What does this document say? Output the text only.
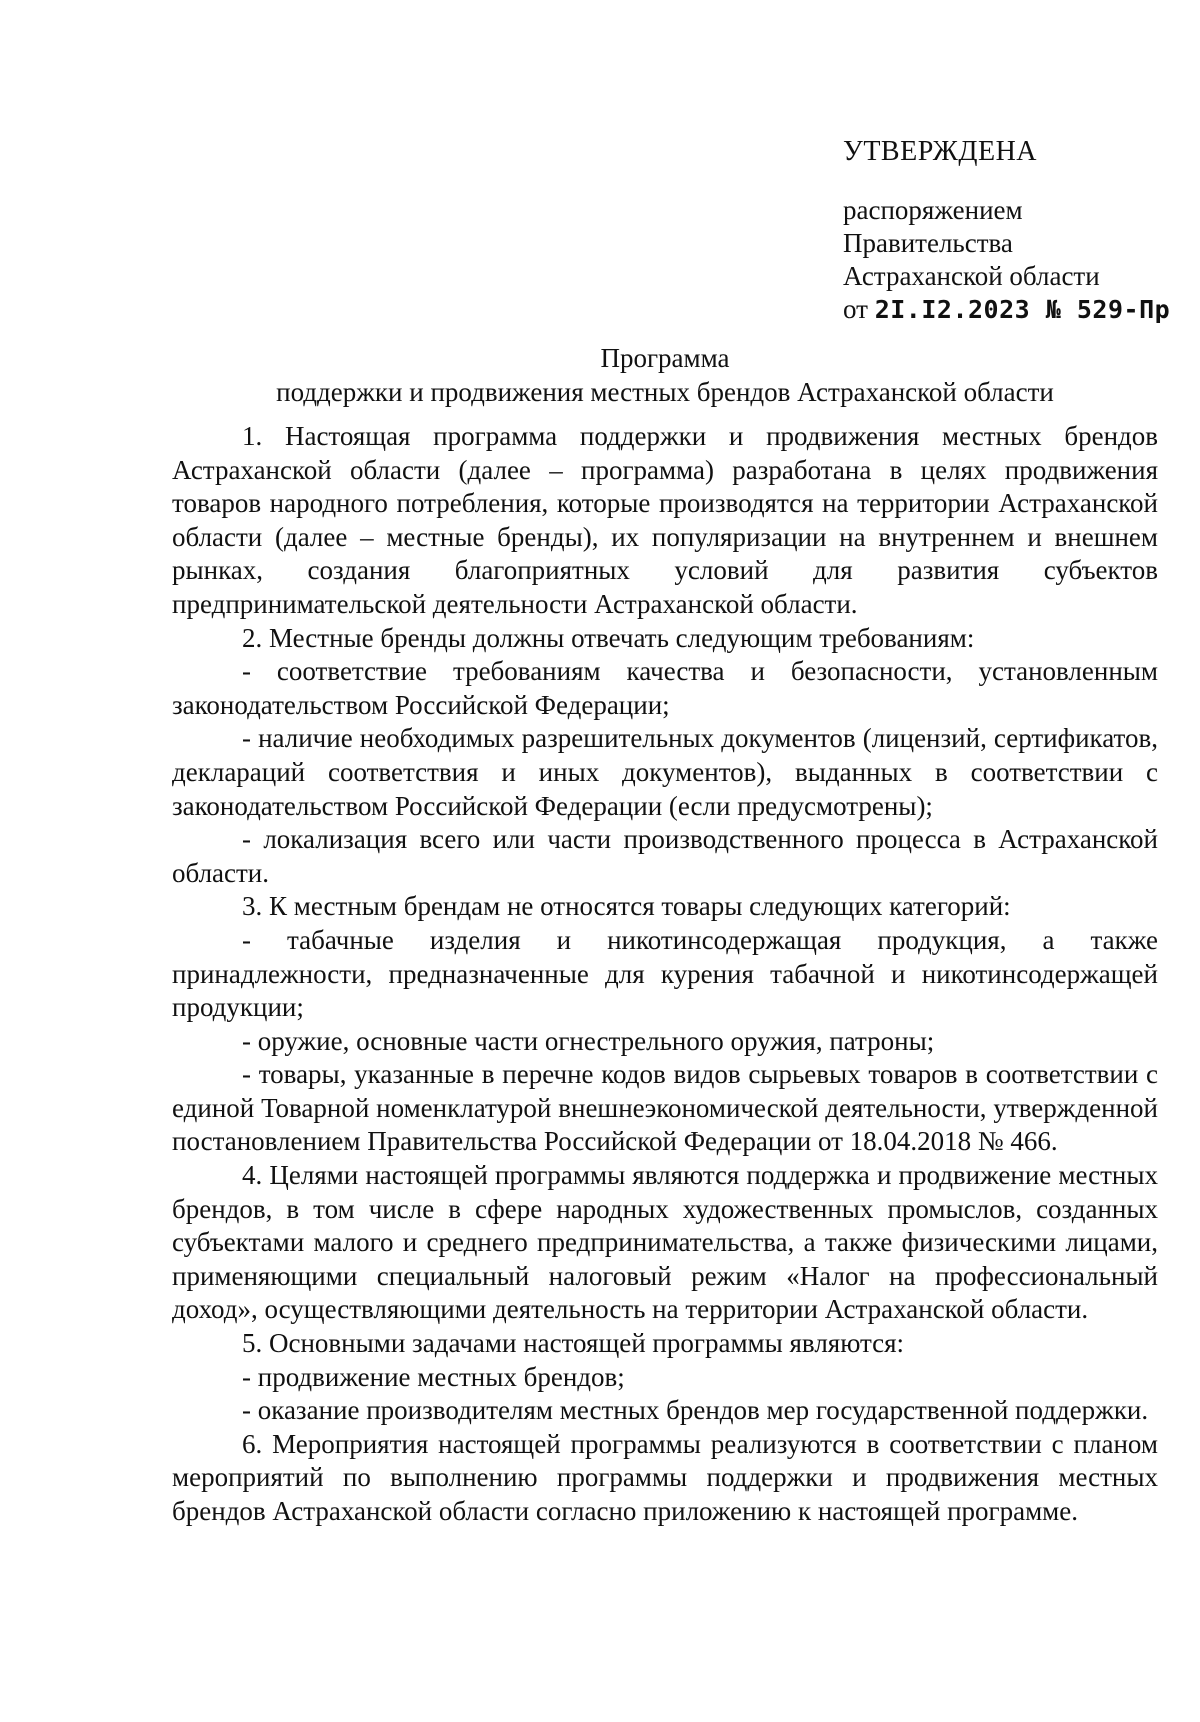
УТВЕРЖДЕНА
распоряжением
Правительства
Астраханской области
от 2I.I2.2023 № 529-Пр
Программа
поддержки и продвижения местных брендов Астраханской области

1. Настоящая программа поддержки и продвижения местных брендов Астраханской области (далее – программа) разработана в целях продвижения товаров народного потребления, которые производятся на территории Астраханской области (далее – местные бренды), их популяризации на внутреннем и внешнем рынках, создания благоприятных условий для развития субъектов предпринимательской деятельности Астраханской области.

2. Местные бренды должны отвечать следующим требованиям:

- соответствие требованиям качества и безопасности, установленным законодательством Российской Федерации;

- наличие необходимых разрешительных документов (лицензий, сертификатов, деклараций соответствия и иных документов), выданных в соответствии с законодательством Российской Федерации (если предусмотрены);

- локализация всего или части производственного процесса в Астраханской области.

3. К местным брендам не относятся товары следующих категорий:

- табачные изделия и никотинсодержащая продукция, а также принадлежности, предназначенные для курения табачной и никотинсодержащей продукции;

- оружие, основные части огнестрельного оружия, патроны;

- товары, указанные в перечне кодов видов сырьевых товаров в соответствии с единой Товарной номенклатурой внешнеэкономической деятельности, утвержденной постановлением Правительства Российской Федерации от 18.04.2018 № 466.

4. Целями настоящей программы являются поддержка и продвижение местных брендов, в том числе в сфере народных художественных промыслов, созданных субъектами малого и среднего предпринимательства, а также физическими лицами, применяющими специальный налоговый режим «Налог на профессиональный доход», осуществляющими деятельность на территории Астраханской области.

5. Основными задачами настоящей программы являются:

- продвижение местных брендов;

- оказание производителям местных брендов мер государственной поддержки.

6. Мероприятия настоящей программы реализуются в соответствии с планом мероприятий по выполнению программы поддержки и продвижения местных брендов Астраханской области согласно приложению к настоящей программе.
